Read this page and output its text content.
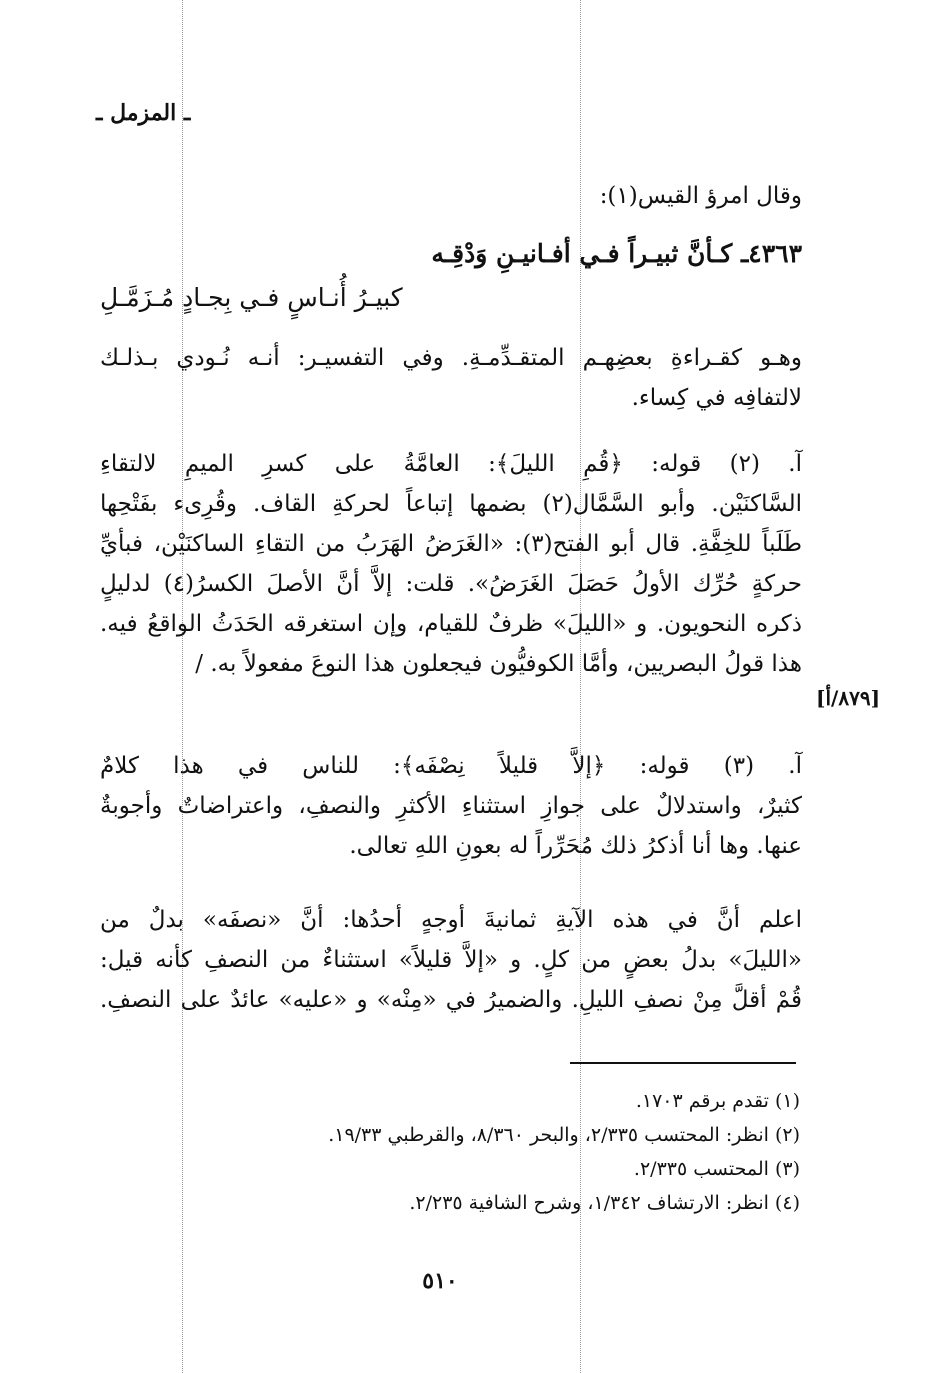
ـ المزمل ـ
وقال امرؤ القيس(١):
٤٣٦٣ـ كـأنَّ ثبيـراً فـي أفـانيـنِ وَدْقِـه
كبيـرُ أُنـاسٍ فـي بِجـادٍ مُـزَمَّـلِ
وهـو كقـراءةِ بعضِهـم المتقـدِّمـةِ. وفي التفسيـر: أنـه نُـودي بـذلـك
لالتفافِه في كِساء.
آ. (٢) قوله: ﴿قُمِ الليلَ﴾: العامَّةُ على كسرِ الميمِ لالتقاءِ
السَّاكنَيْن. وأبو السَّمَّال(٢) بضمها إتباعاً لحركةِ القاف. وقُرِىء بفَتْحِها
طَلَباً للخِفَّةِ. قال أبو الفتح(٣): «الغَرَضُ الهَرَبُ من التقاءِ الساكنَيْن، فبأيِّ
حركةٍ حُرِّك الأولُ حَصَلَ الغَرَضُ». قلت: إلاَّ أنَّ الأصلَ الكسرُ(٤) لدليلٍ
ذكره النحويون. و «الليلَ» ظرفٌ للقيام، وإن استغرقه الحَدَثُ الواقعُ فيه.
هذا قولُ البصريين، وأمَّا الكوفيُّون فيجعلون هذا النوعَ مفعولاً به. /
[٨٧٩/أ]
آ. (٣) قوله: ﴿إلاَّ قليلاً نِصْفَه﴾: للناس في هذا كلامٌ
كثيرٌ، واستدلالٌ على جوازِ استثناءِ الأكثرِ والنصفِ، واعتراضاتٌ وأجوبةٌ
عنها. وها أنا أذكرُ ذلك مُحَرِّراً له بعونِ اللهِ تعالى.
اعلم أنَّ في هذه الآيةِ ثمانيةَ أوجهٍ أحدُها: أنَّ «نصفَه» بدلٌ من
«الليلَ» بدلُ بعضٍ من كلٍ. و «إلاَّ قليلاً» استثناءٌ من النصفِ كأنه قيل:
قُمْ أقلَّ مِنْ نصفِ الليلِ. والضميرُ في «مِنْه» و «عليه» عائدٌ على النصفِ.
(١) تقدم برقم ١٧٠٣.
(٢) انظر: المحتسب ٢/٣٣٥، والبحر ٨/٣٦٠، والقرطبي ١٩/٣٣.
(٣) المحتسب ٢/٣٣٥.
(٤) انظر: الارتشاف ١/٣٤٢، وشرح الشافية ٢/٢٣٥.
٥١٠
